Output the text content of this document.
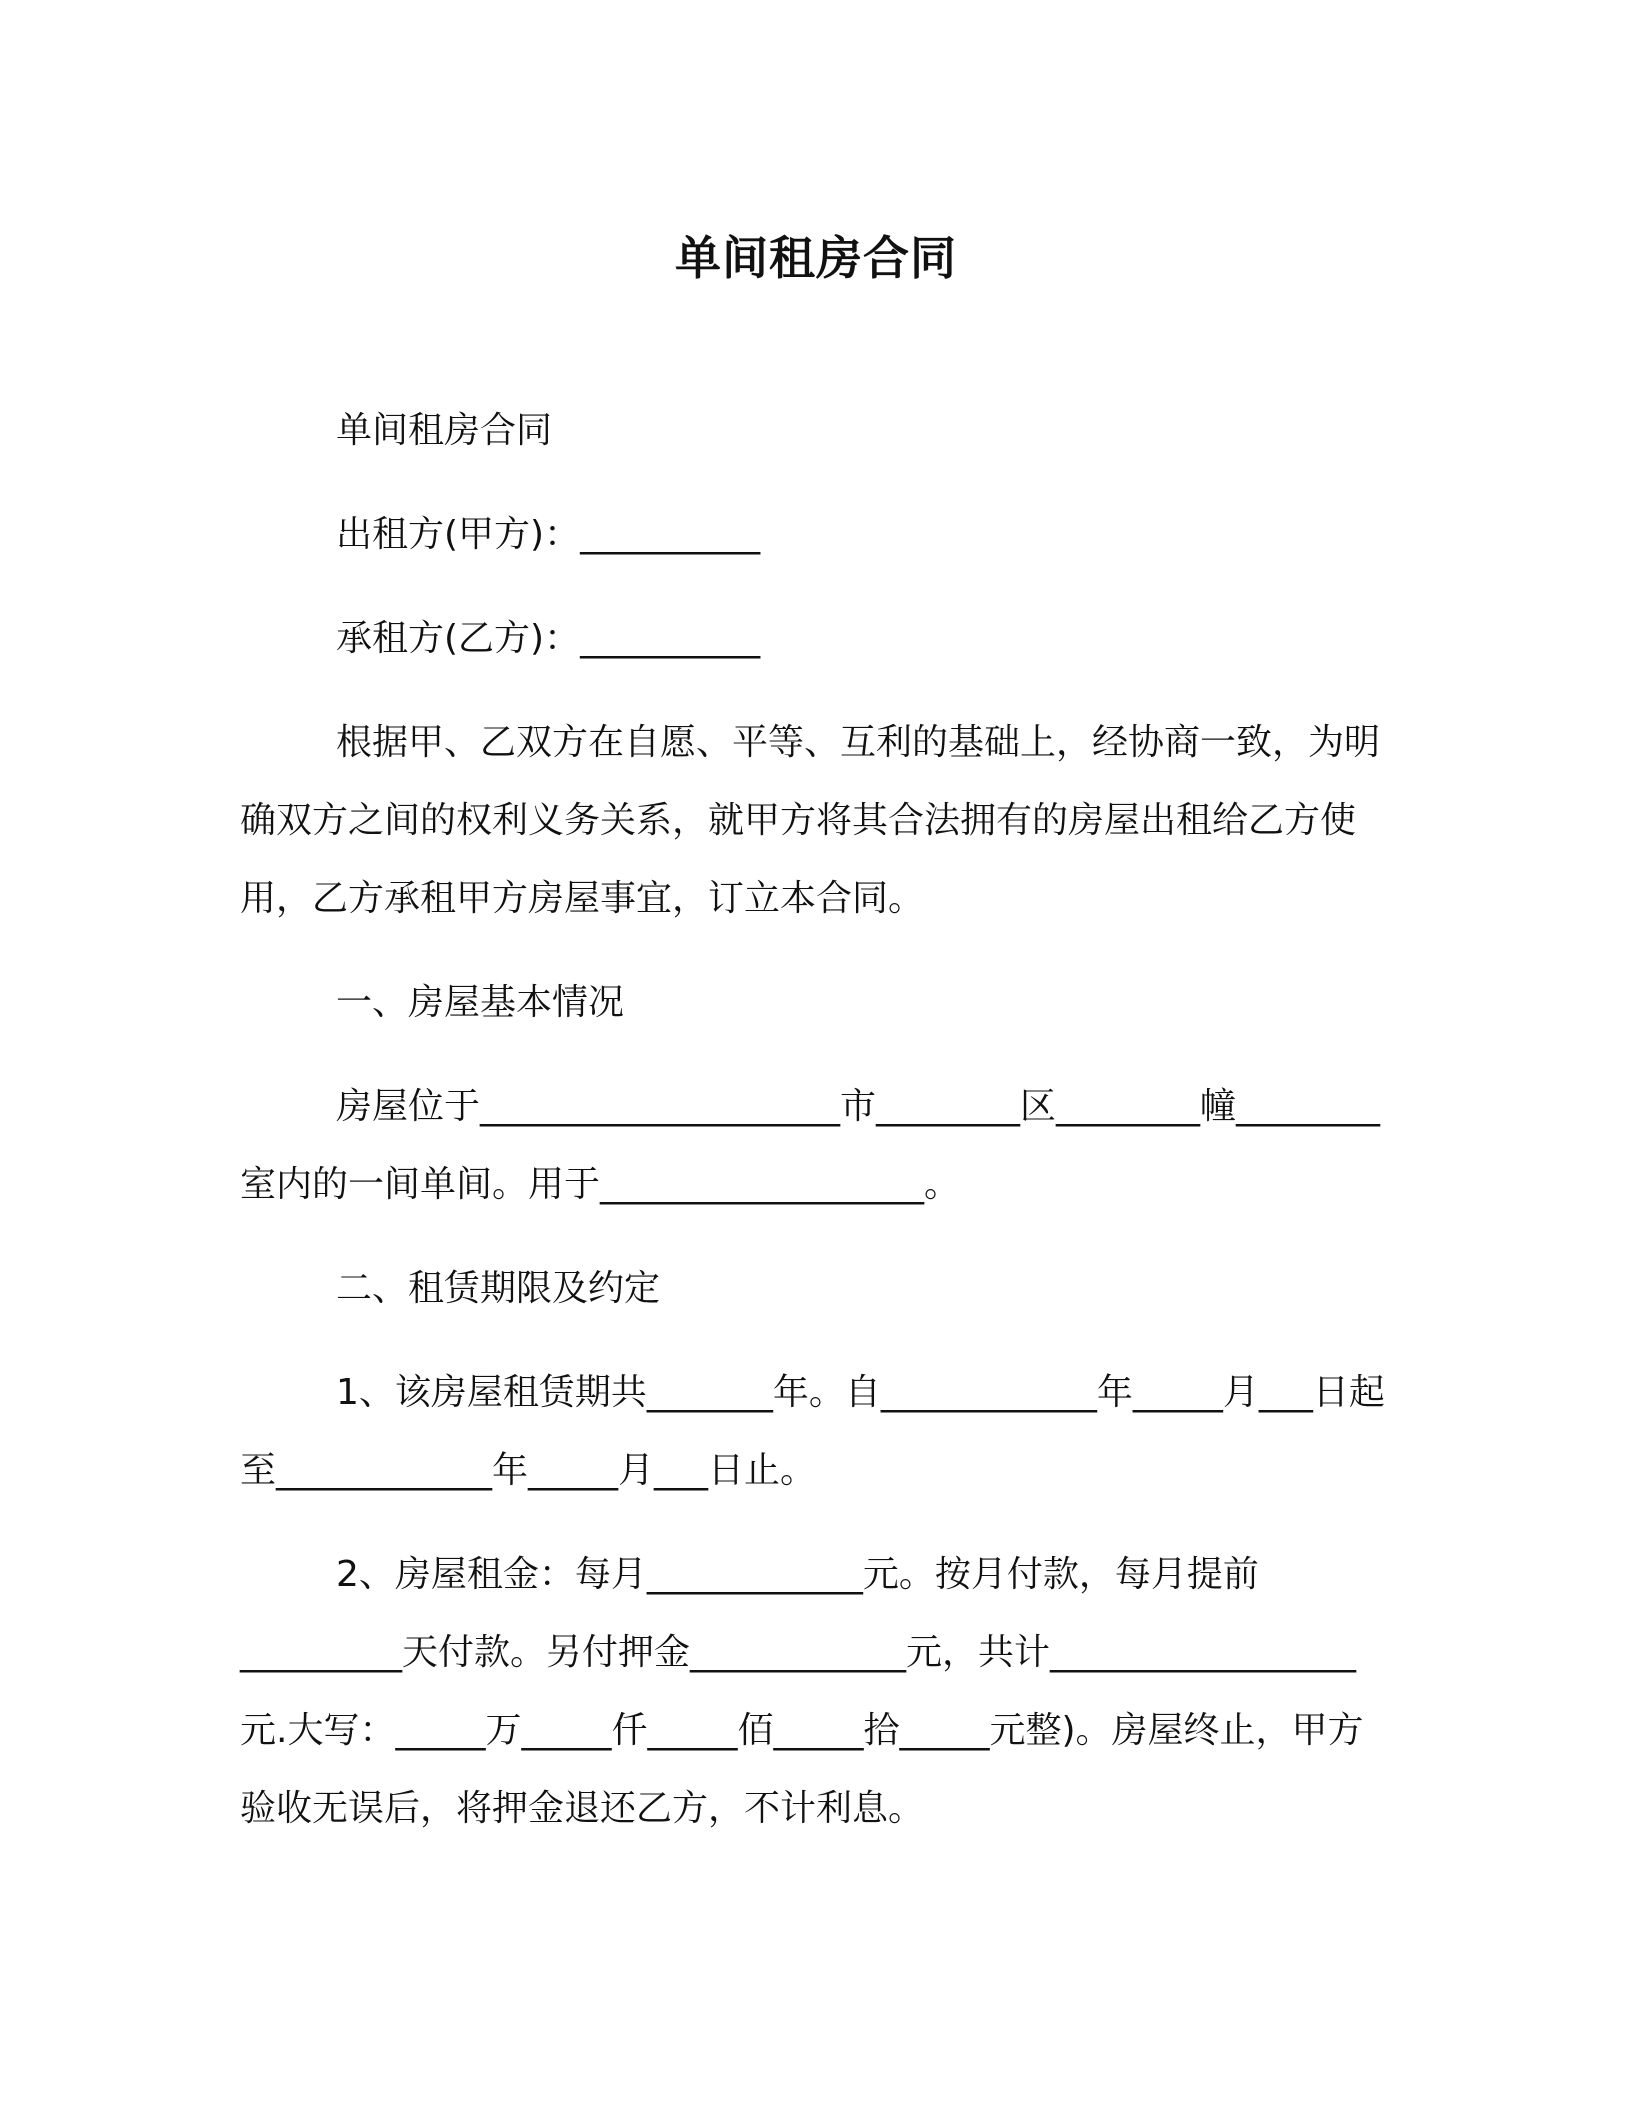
单间租房合同

单间租房合同

出租方(甲方)：__________

承租方(乙方)：__________

根据甲、乙双方在自愿、平等、互利的基础上，经协商一致，为明确双方之间的权利义务关系，就甲方将其合法拥有的房屋出租给乙方使用，乙方承租甲方房屋事宜，订立本合同。

一、房屋基本情况

房屋位于____________________市________区________幢________室内的一间单间。用于__________________。

二、租赁期限及约定

1、该房屋租赁期共_______年。自____________年_____月___日起至____________年_____月___日止。

2、房屋租金：每月____________元。按月付款，每月提前_________天付款。另付押金____________元，共计_________________元.大写：_____万_____仟_____佰_____拾_____元整)。房屋终止，甲方验收无误后，将押金退还乙方，不计利息。
